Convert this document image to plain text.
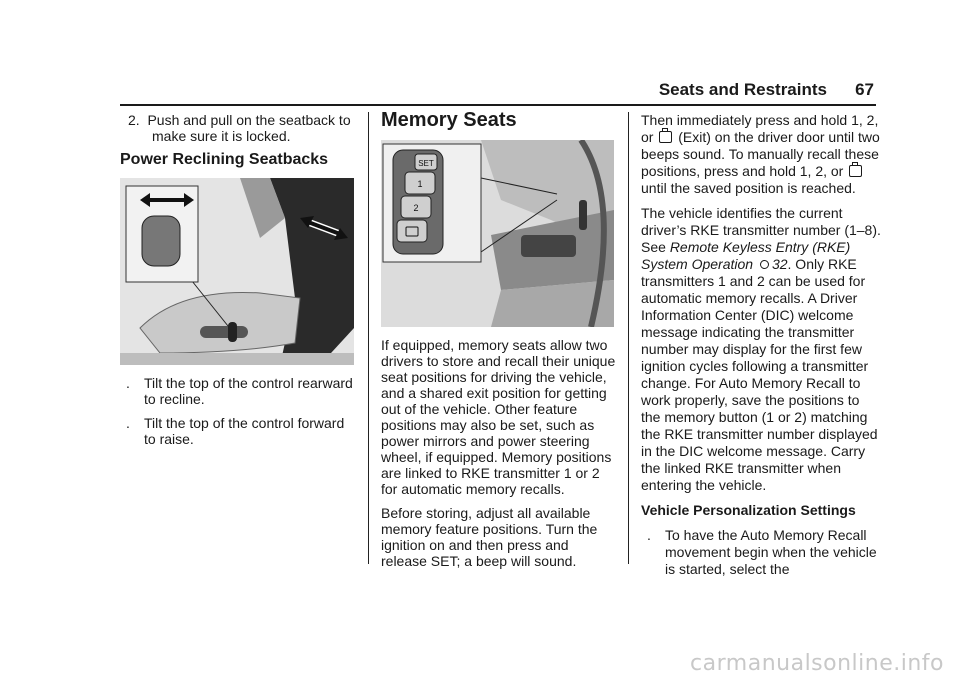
Seats and Restraints 67
2. Push and pull on the seatback to make sure it is locked.
Power Reclining Seatbacks
. Tilt the top of the control rearward to recline.
. Tilt the top of the control forward to raise.
Memory Seats
SET
1
2

If equipped, memory seats allow two drivers to store and recall their unique seat positions for driving the vehicle, and a shared exit position for getting out of the vehicle. Other feature positions may also be set, such as power mirrors and power steering wheel, if equipped. Memory positions are linked to RKE transmitter 1 or 2 for automatic memory recalls.

Before storing, adjust all available memory feature positions. Turn the ignition on and then press and release SET; a beep will sound.

Then immediately press and hold 1, 2, or (Exit) on the driver door until two beeps sound. To manually recall these positions, press and hold 1, 2, or  until the saved position is reached.

The vehicle identifies the current driver’s RKE transmitter number (1–8). See Remote Keyless Entry (RKE) System Operation 32. Only RKE transmitters 1 and 2 can be used for automatic memory recalls. A Driver Information Center (DIC) welcome message indicating the transmitter number may display for the first few ignition cycles following a transmitter change. For Auto Memory Recall to work properly, save the positions to the memory button (1 or 2) matching the RKE transmitter number displayed in the DIC welcome message. Carry the linked RKE transmitter when entering the vehicle.

Vehicle Personalization Settings
. To have the Auto Memory Recall movement begin when the vehicle is started, select the
carmanualsonline.info
